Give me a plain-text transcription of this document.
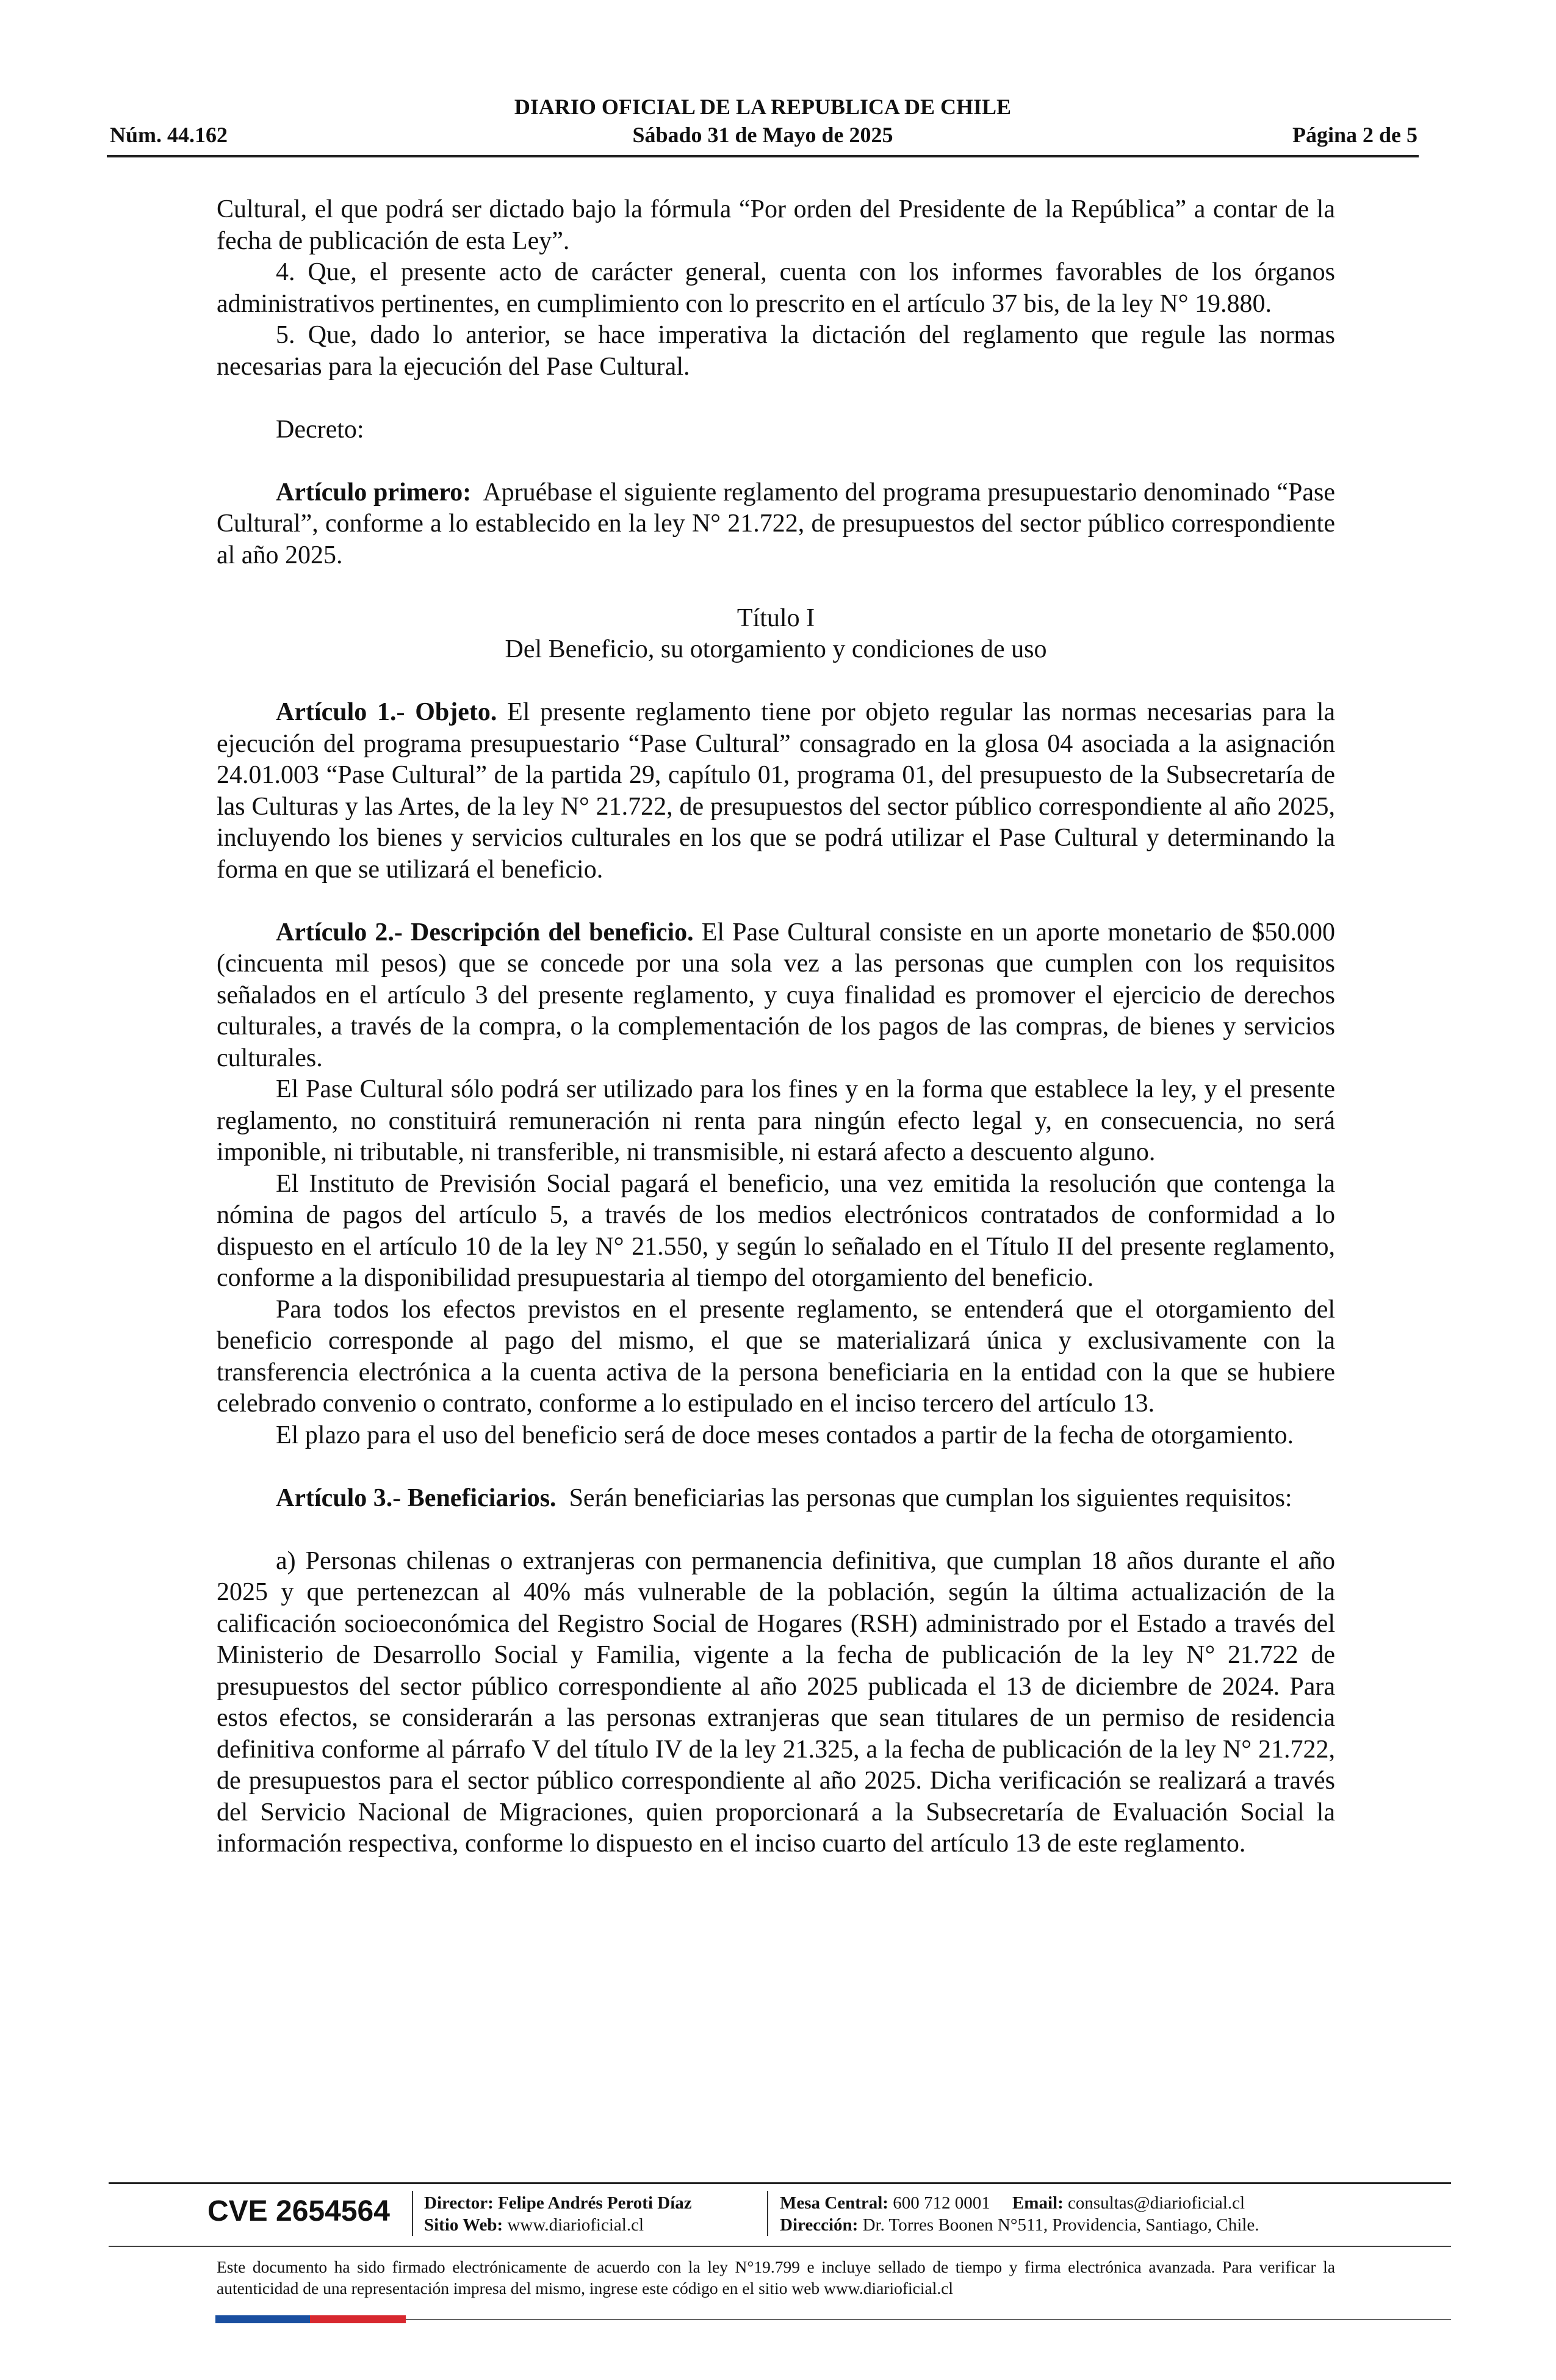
DIARIO OFICIAL DE LA REPUBLICA DE CHILE
Núm. 44.162	Sábado 31 de Mayo de 2025	Página 2 de 5

Cultural, el que podrá ser dictado bajo la fórmula “Por orden del Presidente de la República” a contar de la fecha de publicación de esta Ley”.

4. Que, el presente acto de carácter general, cuenta con los informes favorables de los órganos administrativos pertinentes, en cumplimiento con lo prescrito en el artículo 37 bis, de la ley N° 19.880.

5. Que, dado lo anterior, se hace imperativa la dictación del reglamento que regule las normas necesarias para la ejecución del Pase Cultural.

Decreto:

Artículo primero: Apruébase el siguiente reglamento del programa presupuestario denominado “Pase Cultural”, conforme a lo establecido en la ley N° 21.722, de presupuestos del sector público correspondiente al año 2025.

Título I

Del Beneficio, su otorgamiento y condiciones de uso

Artículo 1.- Objeto. El presente reglamento tiene por objeto regular las normas necesarias para la ejecución del programa presupuestario “Pase Cultural” consagrado en la glosa 04 asociada a la asignación 24.01.003 “Pase Cultural” de la partida 29, capítulo 01, programa 01, del presupuesto de la Subsecretaría de las Culturas y las Artes, de la ley N° 21.722, de presupuestos del sector público correspondiente al año 2025, incluyendo los bienes y servicios culturales en los que se podrá utilizar el Pase Cultural y determinando la forma en que se utilizará el beneficio.

Artículo 2.- Descripción del beneficio. El Pase Cultural consiste en un aporte monetario de $50.000 (cincuenta mil pesos) que se concede por una sola vez a las personas que cumplen con los requisitos señalados en el artículo 3 del presente reglamento, y cuya finalidad es promover el ejercicio de derechos culturales, a través de la compra, o la complementación de los pagos de las compras, de bienes y servicios culturales.

El Pase Cultural sólo podrá ser utilizado para los fines y en la forma que establece la ley, y el presente reglamento, no constituirá remuneración ni renta para ningún efecto legal y, en consecuencia, no será imponible, ni tributable, ni transferible, ni transmisible, ni estará afecto a descuento alguno.

El Instituto de Previsión Social pagará el beneficio, una vez emitida la resolución que contenga la nómina de pagos del artículo 5, a través de los medios electrónicos contratados de conformidad a lo dispuesto en el artículo 10 de la ley N° 21.550, y según lo señalado en el Título II del presente reglamento, conforme a la disponibilidad presupuestaria al tiempo del otorgamiento del beneficio.

Para todos los efectos previstos en el presente reglamento, se entenderá que el otorgamiento del beneficio corresponde al pago del mismo, el que se materializará única y exclusivamente con la transferencia electrónica a la cuenta activa de la persona beneficiaria en la entidad con la que se hubiere celebrado convenio o contrato, conforme a lo estipulado en el inciso tercero del artículo 13.

El plazo para el uso del beneficio será de doce meses contados a partir de la fecha de otorgamiento.

Artículo 3.- Beneficiarios. Serán beneficiarias las personas que cumplan los siguientes requisitos:

a) Personas chilenas o extranjeras con permanencia definitiva, que cumplan 18 años durante el año 2025 y que pertenezcan al 40% más vulnerable de la población, según la última actualización de la calificación socioeconómica del Registro Social de Hogares (RSH) administrado por el Estado a través del Ministerio de Desarrollo Social y Familia, vigente a la fecha de publicación de la ley N° 21.722 de presupuestos del sector público correspondiente al año 2025 publicada el 13 de diciembre de 2024. Para estos efectos, se considerarán a las personas extranjeras que sean titulares de un permiso de residencia definitiva conforme al párrafo V del título IV de la ley 21.325, a la fecha de publicación de la ley N° 21.722, de presupuestos para el sector público correspondiente al año 2025. Dicha verificación se realizará a través del Servicio Nacional de Migraciones, quien proporcionará a la Subsecretaría de Evaluación Social la información respectiva, conforme lo dispuesto en el inciso cuarto del artículo 13 de este reglamento.

CVE 2654564	Director: Felipe Andrés Peroti Díaz
Sitio Web: www.diarioficial.cl
Mesa Central: 600 712 0001 Email: consultas@diarioficial.cl
Dirección: Dr. Torres Boonen N°511, Providencia, Santiago, Chile.
Este documento ha sido firmado electrónicamente de acuerdo con la ley N°19.799 e incluye sellado de tiempo y firma electrónica avanzada. Para verificar la autenticidad de una representación impresa del mismo, ingrese este código en el sitio web www.diarioficial.cl
